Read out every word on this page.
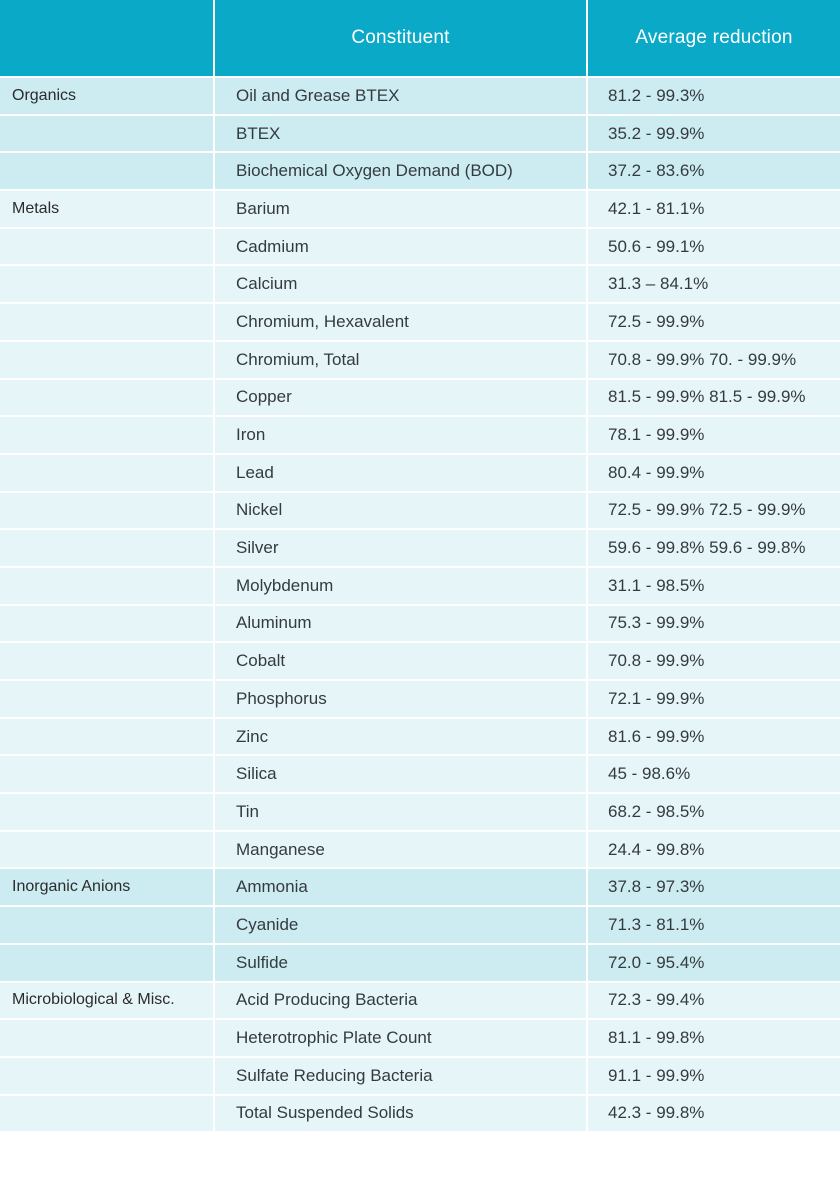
	Constituent	Average reduction
Organics	Oil and Grease BTEX	81.2 - 99.3%
	BTEX	35.2 - 99.9%
	Biochemical Oxygen Demand (BOD)	37.2 - 83.6%
Metals	Barium	42.1 - 81.1%
	Cadmium	50.6 - 99.1%
	Calcium	31.3 – 84.1%
	Chromium, Hexavalent	72.5 - 99.9%
	Chromium, Total	70.8 - 99.9% 70. - 99.9%
	Copper	81.5 - 99.9% 81.5 - 99.9%
	Iron	78.1 - 99.9%
	Lead	80.4 - 99.9%
	Nickel	72.5 - 99.9% 72.5 - 99.9%
	Silver	59.6 - 99.8% 59.6 - 99.8%
	Molybdenum	31.1 - 98.5%
	Aluminum	75.3 - 99.9%
	Cobalt	70.8 - 99.9%
	Phosphorus	72.1 - 99.9%
	Zinc	81.6 - 99.9%
	Silica	45 - 98.6%
	Tin	68.2 - 98.5%
	Manganese	24.4 - 99.8%
Inorganic Anions	Ammonia	37.8 - 97.3%
	Cyanide	71.3 - 81.1%
	Sulfide	72.0 - 95.4%
Microbiological & Misc.	Acid Producing Bacteria	72.3 - 99.4%
	Heterotrophic Plate Count	81.1 - 99.8%
	Sulfate Reducing Bacteria	91.1 - 99.9%
	Total Suspended Solids	42.3 - 99.8%
